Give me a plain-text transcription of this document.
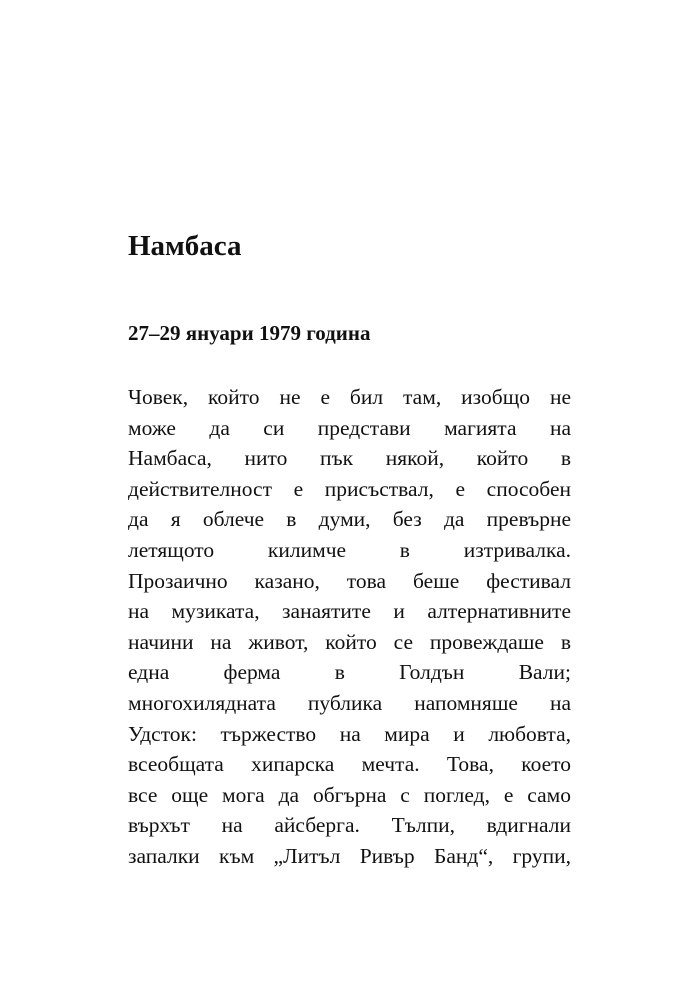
Намбаса
27–29 януари 1979 година
Човек, който не е бил там, изобщо не
може да си представи магията на
Намбаса, нито пък някой, който в
действителност е присъствал, е способен
да я облече в думи, без да превърне
летящото килимче в изтривалка.
Прозаично казано, това беше фестивал
на музиката, занаятите и алтернативните
начини на живот, който се провеждаше в
една ферма в Голдън Вали;
многохилядната публика напомняше на
Удсток: тържество на мира и любовта,
всеобщата хипарска мечта. Това, което
все още мога да обгърна с поглед, е само
върхът на айсберга. Тълпи, вдигнали
запалки към „Литъл Ривър Банд“, групи,
